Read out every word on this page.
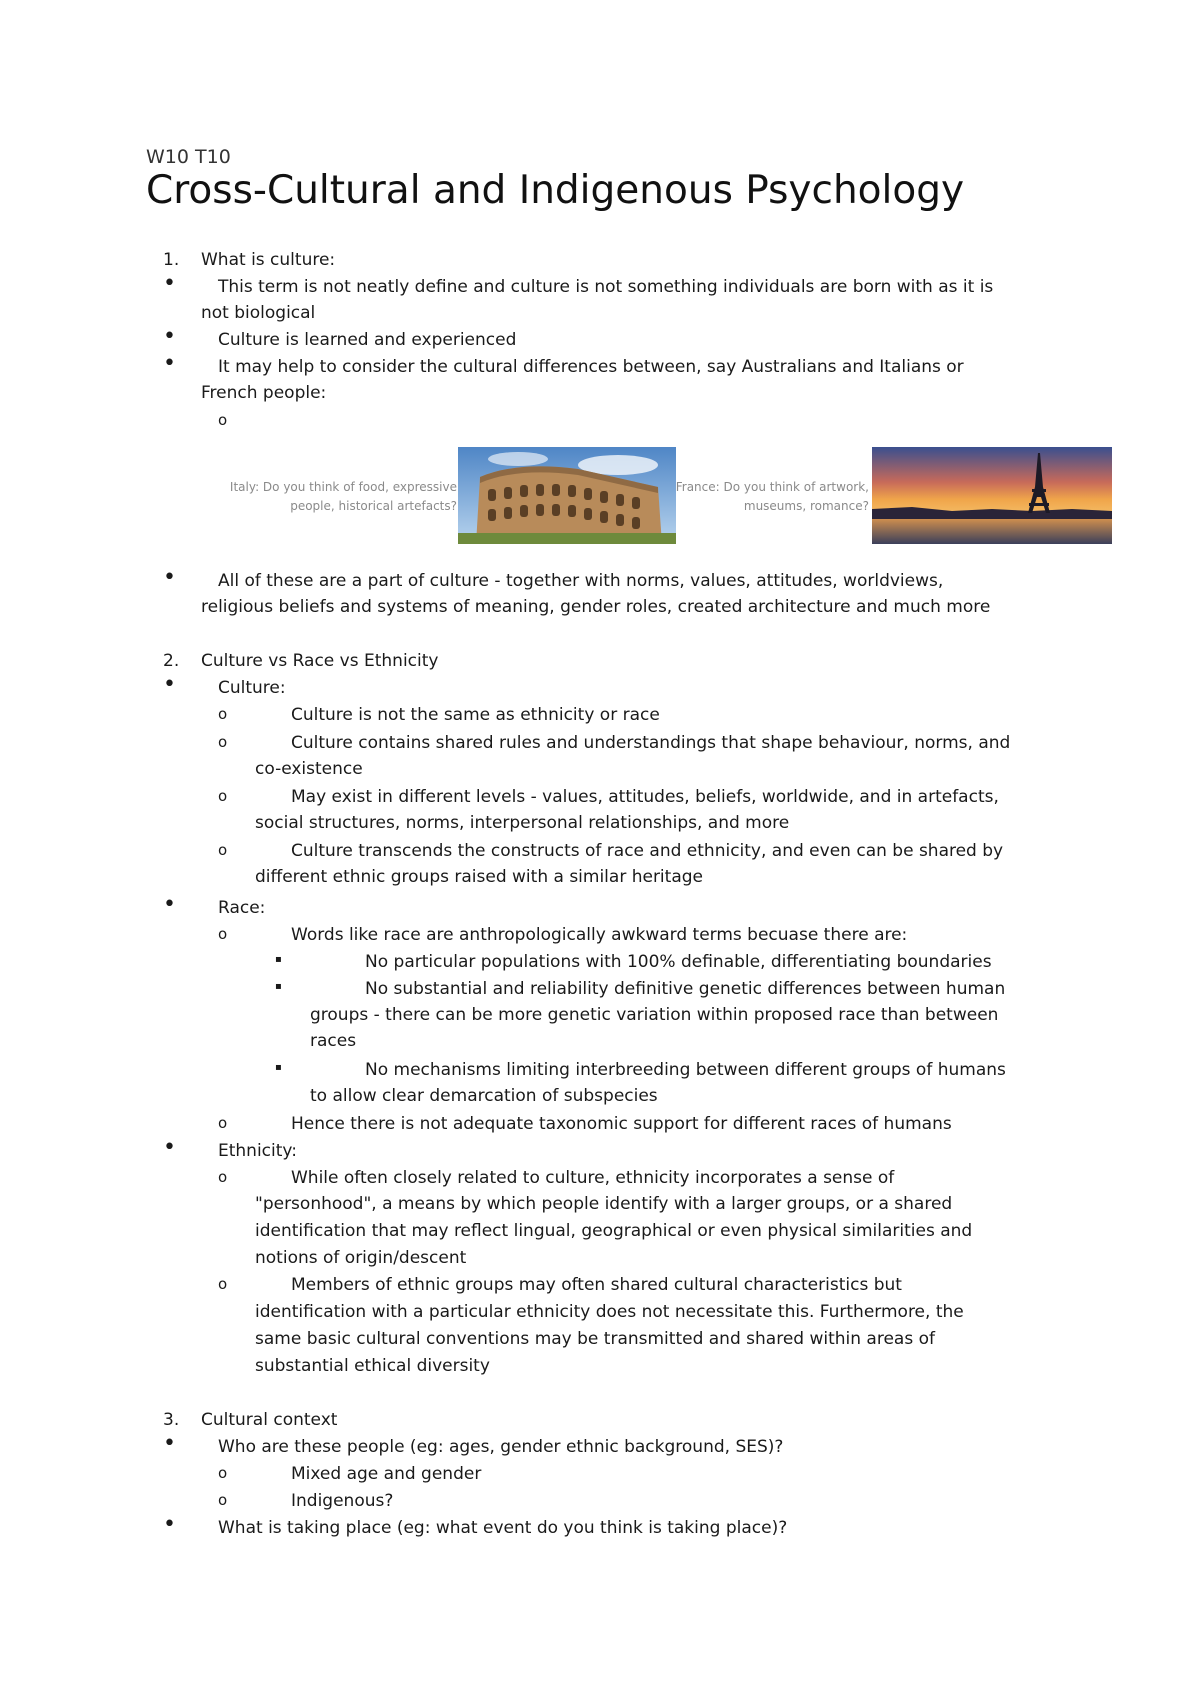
W10 T10
Cross-Cultural and Indigenous Psychology
1. What is culture:
• This term is not neatly define and culture is not something individuals are born with as it is
not biological
• Culture is learned and experienced
• It may help to consider the cultural differences between, say Australians and Italians or
French people:
o
Italy: Do you think of food, expressive
people, historical artefacts?
France: Do you think of artwork,
museums, romance?
• All of these are a part of culture - together with norms, values, attitudes, worldviews,
religious beliefs and systems of meaning, gender roles, created architecture and much more
2. Culture vs Race vs Ethnicity
• Culture:
o	Culture is not the same as ethnicity or race
o	Culture contains shared rules and understandings that shape behaviour, norms, and
co-existence
o	May exist in different levels - values, attitudes, beliefs, worldwide, and in artefacts,
social structures, norms, interpersonal relationships, and more
o	Culture transcends the constructs of race and ethnicity, and even can be shared by
different ethnic groups raised with a similar heritage
• Race:
o	Words like race are anthropologically awkward terms becuase there are:
▪	No particular populations with 100% definable, differentiating boundaries
▪	No substantial and reliability definitive genetic differences between human
groups - there can be more genetic variation within proposed race than between
races
▪	No mechanisms limiting interbreeding between different groups of humans
to allow clear demarcation of subspecies
o	Hence there is not adequate taxonomic support for different races of humans
• Ethnicity:
o	While often closely related to culture, ethnicity incorporates a sense of
"personhood", a means by which people identify with a larger groups, or a shared
identification that may reflect lingual, geographical or even physical similarities and
notions of origin/descent
o	Members of ethnic groups may often shared cultural characteristics but
identification with a particular ethnicity does not necessitate this. Furthermore, the
same basic cultural conventions may be transmitted and shared within areas of
substantial ethical diversity
3. Cultural context
• Who are these people (eg: ages, gender ethnic background, SES)?
o	Mixed age and gender
o	Indigenous?
• What is taking place (eg: what event do you think is taking place)?
